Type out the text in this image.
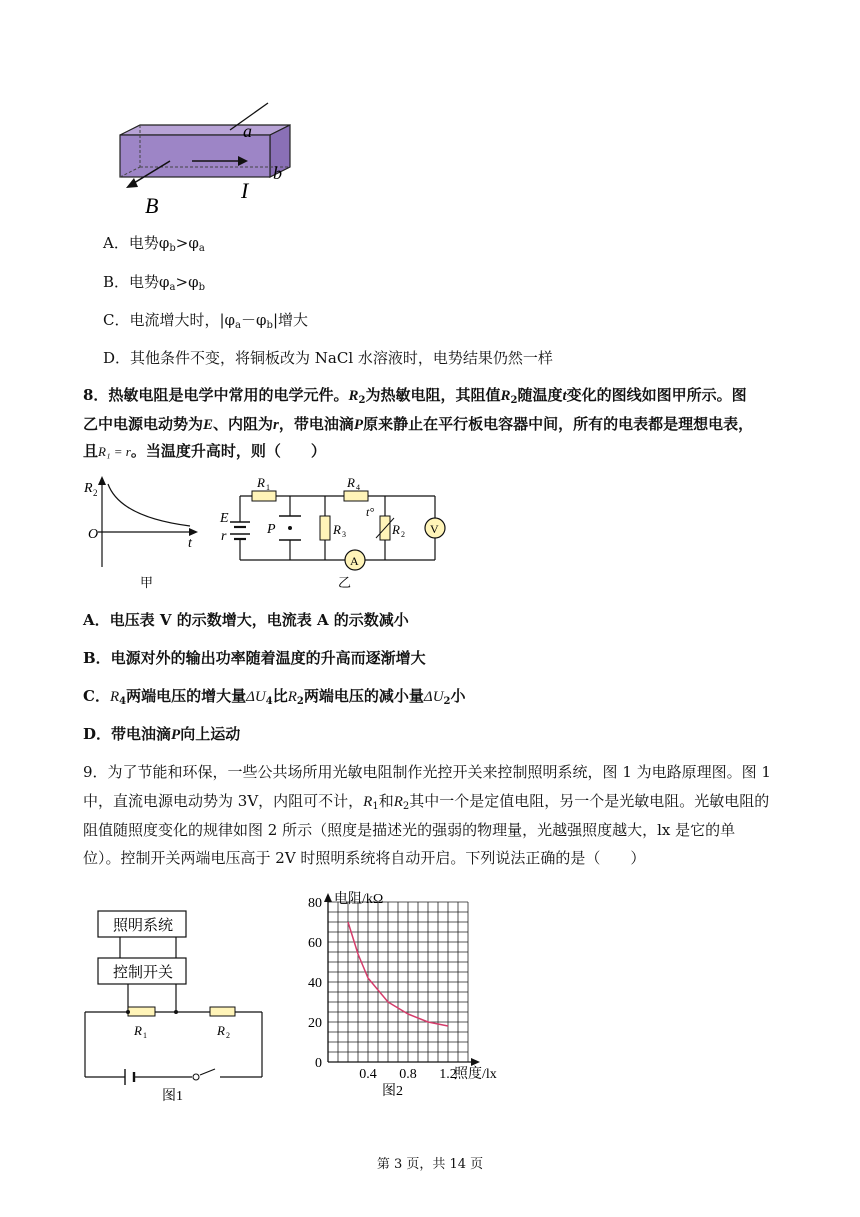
a
b
B
I
A．电势$\varphi_b>\varphi_a$
B．电势$\varphi_a>\varphi_b$
C．电流增大时，$|\varphi_a-\varphi_b|$增大
D．其他条件不变，将铜板改为 NaCl 水溶液时，电势结果仍然一样
8．热敏电阻是电学中常用的电学元件。$R_2$为热敏电阻，其阻值$R_2$随温度t变化的图线如图甲所示。图
乙中电源电动势为E、内阻为r，带电油滴P原来静止在平行板电容器中间，所有的电表都是理想电表，
且R₁ = r。当温度升高时，则（　　）
R 2
O
t
甲
V
A
E
r	P
R 1	R 4
R 3	R 2
t°
乙
A．电压表 V 的示数增大，电流表 A 的示数减小
B．电源对外的输出功率随着温度的升高而逐渐增大
C．$R_4$两端电压的增大量$\Delta U_4$比$R_2$两端电压的减小量$\Delta U_2$小
D．带电油滴P向上运动
9．为了节能和环保，一些公共场所用光敏电阻制作光控开关来控制照明系统，图 1 为电路原理图。图 1
中，直流电源电动势为 3V，内阻可不计，$R_1$和$R_2$其中一个是定值电阻，另一个是光敏电阻。光敏电阻的
阻值随照度变化的规律如图 2 所示（照度是描述光的强弱的物理量，光越强照度越大，lx 是它的单
位）。控制开关两端电压高于 2V 时照明系统将自动开启。下列说法正确的是（　　）
照明系统
控制开关
R 1	R 2
图1
电阻/kΩ
照度/lx
80
60
40
20
0
0.4 0.8 1.2
图2
第 3 页，共 14 页
